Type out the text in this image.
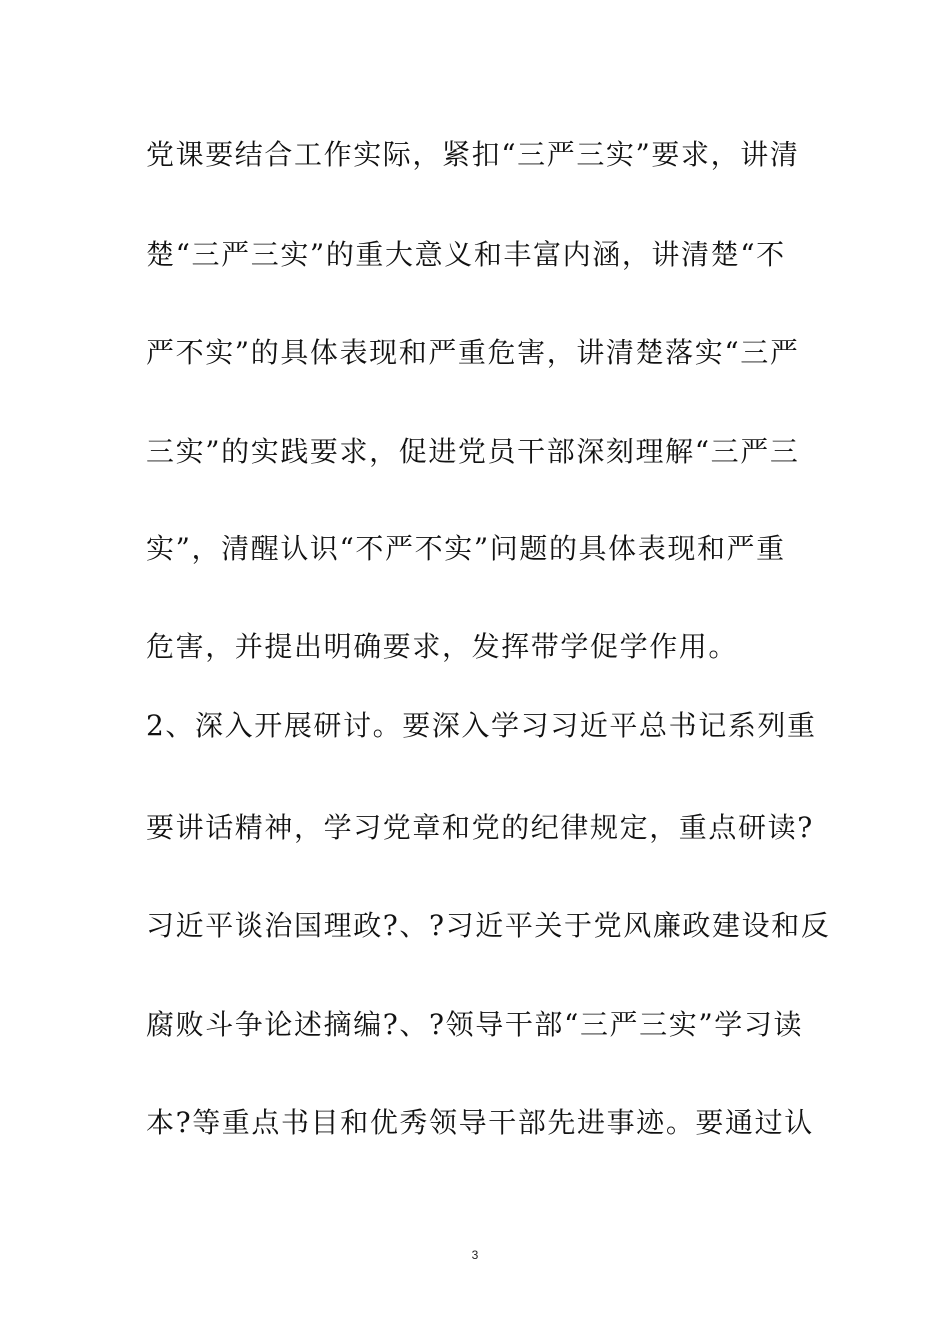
党课要结合工作实际，紧扣“三严三实”要求，讲清
楚“三严三实”的重大意义和丰富内涵，讲清楚“不
严不实”的具体表现和严重危害，讲清楚落实“三严
三实”的实践要求，促进党员干部深刻理解“三严三
实”，清醒认识“不严不实”问题的具体表现和严重
危害，并提出明确要求，发挥带学促学作用。
2、深入开展研讨。要深入学习习近平总书记系列重
要讲话精神，学习党章和党的纪律规定，重点研读?
习近平谈治国理政?、?习近平关于党风廉政建设和反
腐败斗争论述摘编?、?领导干部“三严三实”学习读
本?等重点书目和优秀领导干部先进事迹。要通过认
3
